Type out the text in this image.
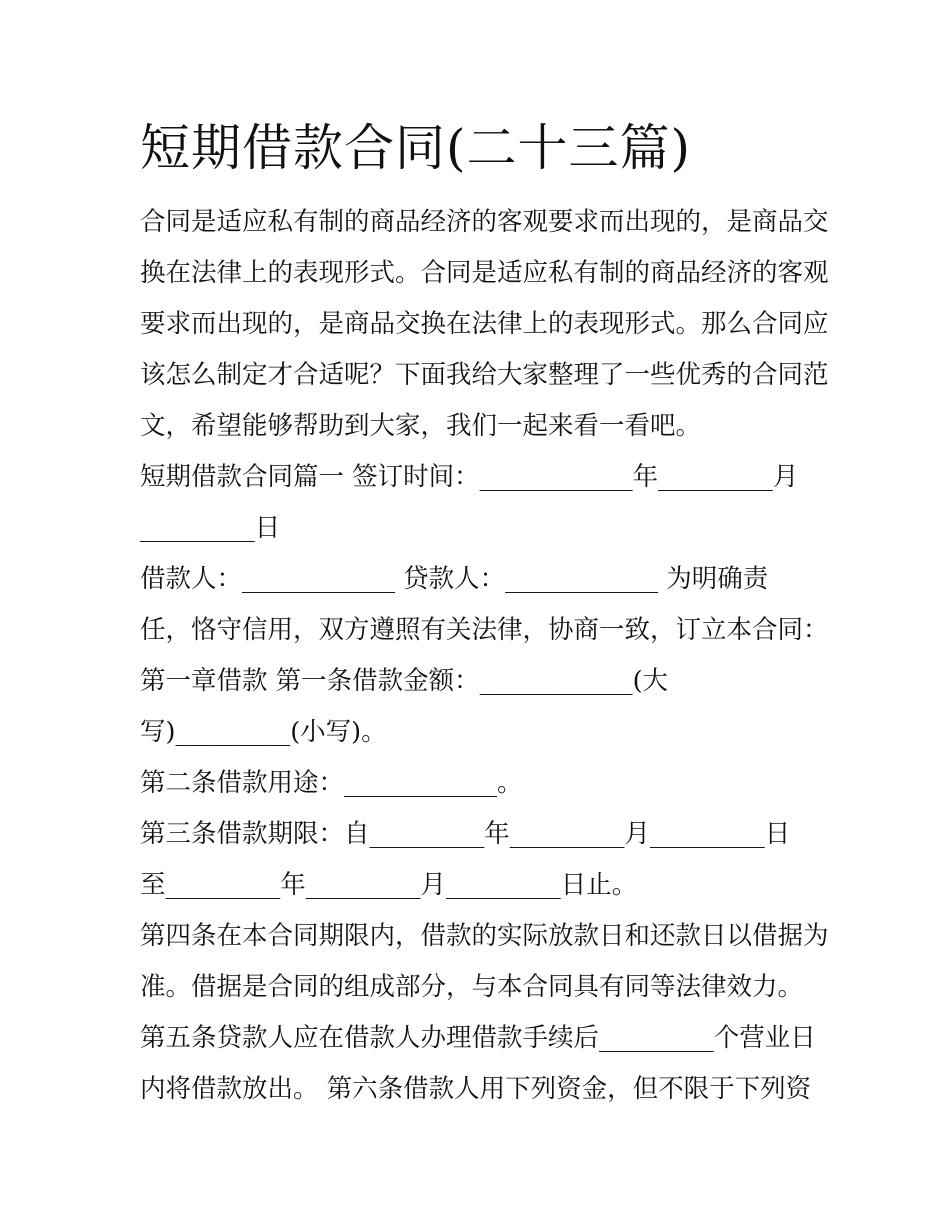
短期借款合同(二十三篇)
合同是适应私有制的商品经济的客观要求而出现的，是商品交
换在法律上的表现形式。合同是适应私有制的商品经济的客观
要求而出现的，是商品交换在法律上的表现形式。那么合同应
该怎么制定才合适呢？下面我给大家整理了一些优秀的合同范
文，希望能够帮助到大家，我们一起来看一看吧。
短期借款合同篇一 签订时间：____________年_________月
_________日
借款人：____________ 贷款人：____________ 为明确责
任，恪守信用，双方遵照有关法律，协商一致，订立本合同：
第一章借款 第一条借款金额：____________(大
写)_________(小写)。
第二条借款用途：____________。
第三条借款期限：自_________年_________月_________日
至_________年_________月_________日止。
第四条在本合同期限内，借款的实际放款日和还款日以借据为
准。借据是合同的组成部分，与本合同具有同等法律效力。
第五条贷款人应在借款人办理借款手续后_________个营业日
内将借款放出。 第六条借款人用下列资金，但不限于下列资
